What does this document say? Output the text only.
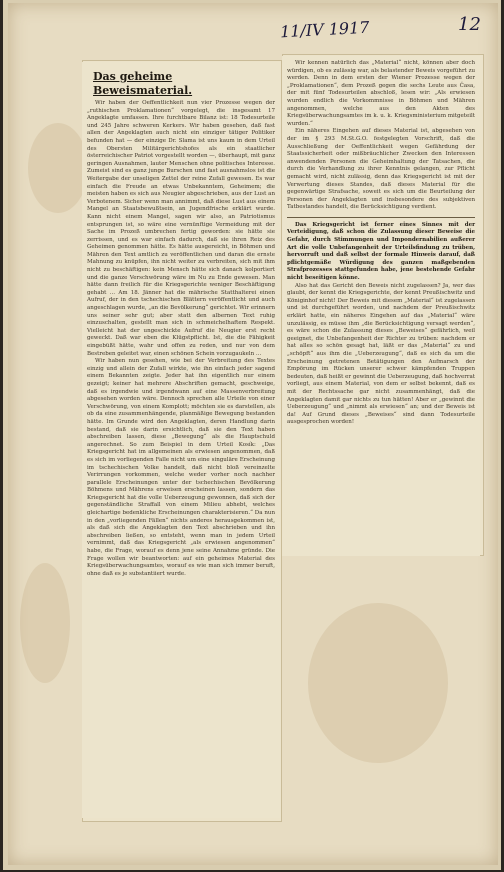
11/IV 1917	12
Das geheime Beweismaterial.

Wir haben der Oeffentlichkeit nun vier Prozesse wegen der „ruthischen Proklamationen“ vorgelegt, die insgesamt 17 Angeklagte umfassen. Ihre furchtbare Bilanz ist: 18 Todesurteile und 245 Jahre schweren Kerkers. Wir haben gesehen, daß fast allen der Angeklagten auch nicht ein einziger tätiger Politiker befunden hat — der einzige Dr. Slama ist uns kaum in dem Urteil des Obersten Militärgerichtshofes als ein staatlicher österreichischer Patriot vorgestellt worden —, überhaupt, mit ganz geringen Ausnahmen, lauter Menschen ohne politisches Interesse. Zumeist sind es ganz junge Burschen und fast ausnahmslos ist die Weitergabe der unseligen Zettel der reine Zufall gewesen. Es war einfach die Freude an etwas Unbekanntem, Geheimem; die meisten haben es sich aus Neugier abgeschrieben, aus der Lust an Verbotenem. Sicher wenn man annimmt, daß diese Lust aus einem Mangel an Staatsbewußtsein, an Jugendfrische erklärt wurde. Kann nicht einem Mangel, sagen wir also, an Patriotismus entsprungen ist, so wäre eine vernünftige Vermeidung mit der Sache im Prozeß umbrechen fertig geworden: sie hätte sie zerrissen, und es war einfach dadurch, daß sie ihren Reiz des Geheimen genommen hätte. Es hätte ausgereicht, in Böhmen und Mähren den Text amtlich zu veröffentlichen und daran die ernste Mahnung zu knüpfen, ihn nicht weiter zu verbreiten, sich mit ihm nicht zu beschäftigen: kein Mensch hätte sich danach kolportiert und die ganze Verschwörung wäre im Nu zu Ende gewesen. Man hätte dann freilich für die Kriegsgerichte weniger Beschäftigung gehabt … Am 18. Jänner hat die mährische Statthalterei einen Aufruf, der in den tschechischen Blättern veröffentlicht und auch angeschlagen wurde, „an die Bevölkerung“ gerichtet. Wir erinnern uns seiner sehr gut; aber statt den albernen Text ruhig einzuschalten, gestellt man sich in schmeichelhaftem Respekt. Vielleicht hat der ungeschickte Aufruf die Neugier erst recht geweckt. Daß war eben die Klügstpflicht. Ist, die die Fähigkeit eingebüßt hätte, wahr und offen zu reden, und nur von dem Bestreben geleitet war, einen schönen Schein vorzugaukeln …

Wir haben nun gesehen, wie bei der Verbreitung des Textes einzig und allein der Zufall wirkte, wie ihn einfach jeder sagend einem Bekannten zeigte. Jeder hat ihn eigentlich nur einem gezeigt; keiner hat mehrere Abschriften gemacht, geschweige, daß es irgendwie und irgendwann auf eine Massenverbreitung abgesehen worden wäre. Dennoch sprechen alle Urteile von einer Verschwörung, von einem Komplott; möchten sie es darstellen, als ob da eine zusammenhängende, planmäßige Bewegung bestanden hätte. Im Grunde wird den Angeklagten, deren Handlung darin bestand, daß sie darin ersichtlich, daß sie den Text haben abschreiben lassen, diese „Bewegung“ als die Hauptschuld angerechnet. So zum Beispiel in dem Urteil Kosík: „Das Kriegsgericht hat im allgemeinen als erwiesen angenommen, daß es sich im vorliegenden Falle nicht um eine singuläre Erscheinung im tschechischen Volke handelt, daß nicht bloß vereinzelte Verirrungen vorkommen, welche weder vorher noch nachher parallele Erscheinungen unter der tschechischen Bevölkerung Böhmens und Mährens erweisen erscheinen lassen, sondern das Kriegsgericht hat die volle Ueberzeugung gewonnen, daß sich der gegenständliche Straffall von einem Milieu abhebt, welches gleichartige bedenkliche Erscheinungen charakterisieren.“ Da nun in den „vorliegenden Fällen“ nichts anderes herausgekommen ist, als daß sich die Angeklagten den Text abschrieben und ihn abschreiben ließen, so entsteht, wenn man in jedem Urteil vernimmt, daß das Kriegsgericht „als erwiesen angenommen“ habe, die Frage, worauf es denn jene seine Annahme gründe. Die Frage wollen wir beantworten: auf ein geheimes Material des Kriegsüberwachungsamtes, worauf es wie man sich immer beruft, ohne daß es je substantiiert wurde.

Wir kennen natürlich das „Material“ nicht, können aber doch würdigen, ob es zulässig war, als belastender Beweis vorgeführt zu werden. Denn in dem ersten der Wiener Prozesse wegen der „Proklamationen“, dem Prozeß gegen die sechs Leute aus Časa, der mit fünf Todesurteilen abschloß, lesen wir: „Als erwiesen wurden endlich die Vorkommnisse in Böhmen und Mähren angenommen, welche aus den Akten des Kriegsüberwachungsamtes im k. u. k. Kriegsministerium mitgeteilt wurden.“

Ein näheres Eingehen auf dieses Material ist, abgesehen von der im § 293 M.St.G.O. festgelegten Vorschrift, daß die Ausschließung der Oeffentlichkeit wegen Gefährdung der Staatssicherheit oder mißbräuchlicher Zwecken den Interessen anwendenden Personen die Geheimhaltung der Tatsachen, die durch die Verhandlung zu ihrer Kenntnis gelangen, zur Pflicht gemacht wird, nicht zulässig, denn das Kriegsgericht ist mit der Verwertung dieses Standes, daß dieses Material für die gegenwärtige Strafsache, soweit es sich um die Beurteilung der Personen der Angeklagten und insbesondere des subjektiven Tatbestandes handelt, die Berücksichtigung verdient.

Das Kriegsgericht ist ferner eines Sinnes mit der Verteidigung, daß schon die Zulassung dieser Beweise die Gefahr, durch Stimmungen und Impondernabilien außerer Art die volle Unbefangenheit der Urteilsfindung zu trüben, hervorruft und daß selbst der formale Hinweis darauf, daß pflichtgemäße Würdigung des ganzen maßgebenden Strafprozesses stattgefunden habe, jene bestehende Gefahr nicht beseitigen könne.

Also hat das Gericht den Beweis nicht zugelassen? Ja, wer das glaubt, der kennt die Kriegsgerichte, der kennt Preußischwitz und Königinhof nicht! Der Beweis mit diesem „Material“ ist zugelassen und ist durchgeführt worden, und nachdem der Preußischwitz erklärt hatte, ein näheres Eingehen auf das „Material“ wäre unzulässig, es müsse ihm „die Berücksichtigung versagt werden“, es wäre schon die Zulassung dieses „Beweises“ gefährlich, weil geeignet, die Unbefangenheit der Richter zu trüben: nachdem er hat alles so schön gesagt hat, läßt er das „Material“ zu und „schöpft“ aus ihm die „Ueberzeugung“, daß es sich da um die Erscheinung getretenen Betätigungen den Aufmarsch der Empörung im Rücken unserer schwer kämpfenden Truppen bedeuten, daß heißt er gewinnt die Ueberzeugung, daß hochverrat vorliegt, aus einem Material, von dem er selbst bekennt, daß es mit der Rechtssache gar nicht zusammenhängt, daß die Angeklagten damit gar nichts zu tun hätten! Aber er „gewinnt die Ueberzeugung“ und „nimmt als erwiesen“ an; und der Beweis ist da! Auf Grund dieses „Beweises“ sind dann Todesurteile ausgesprochen worden!
